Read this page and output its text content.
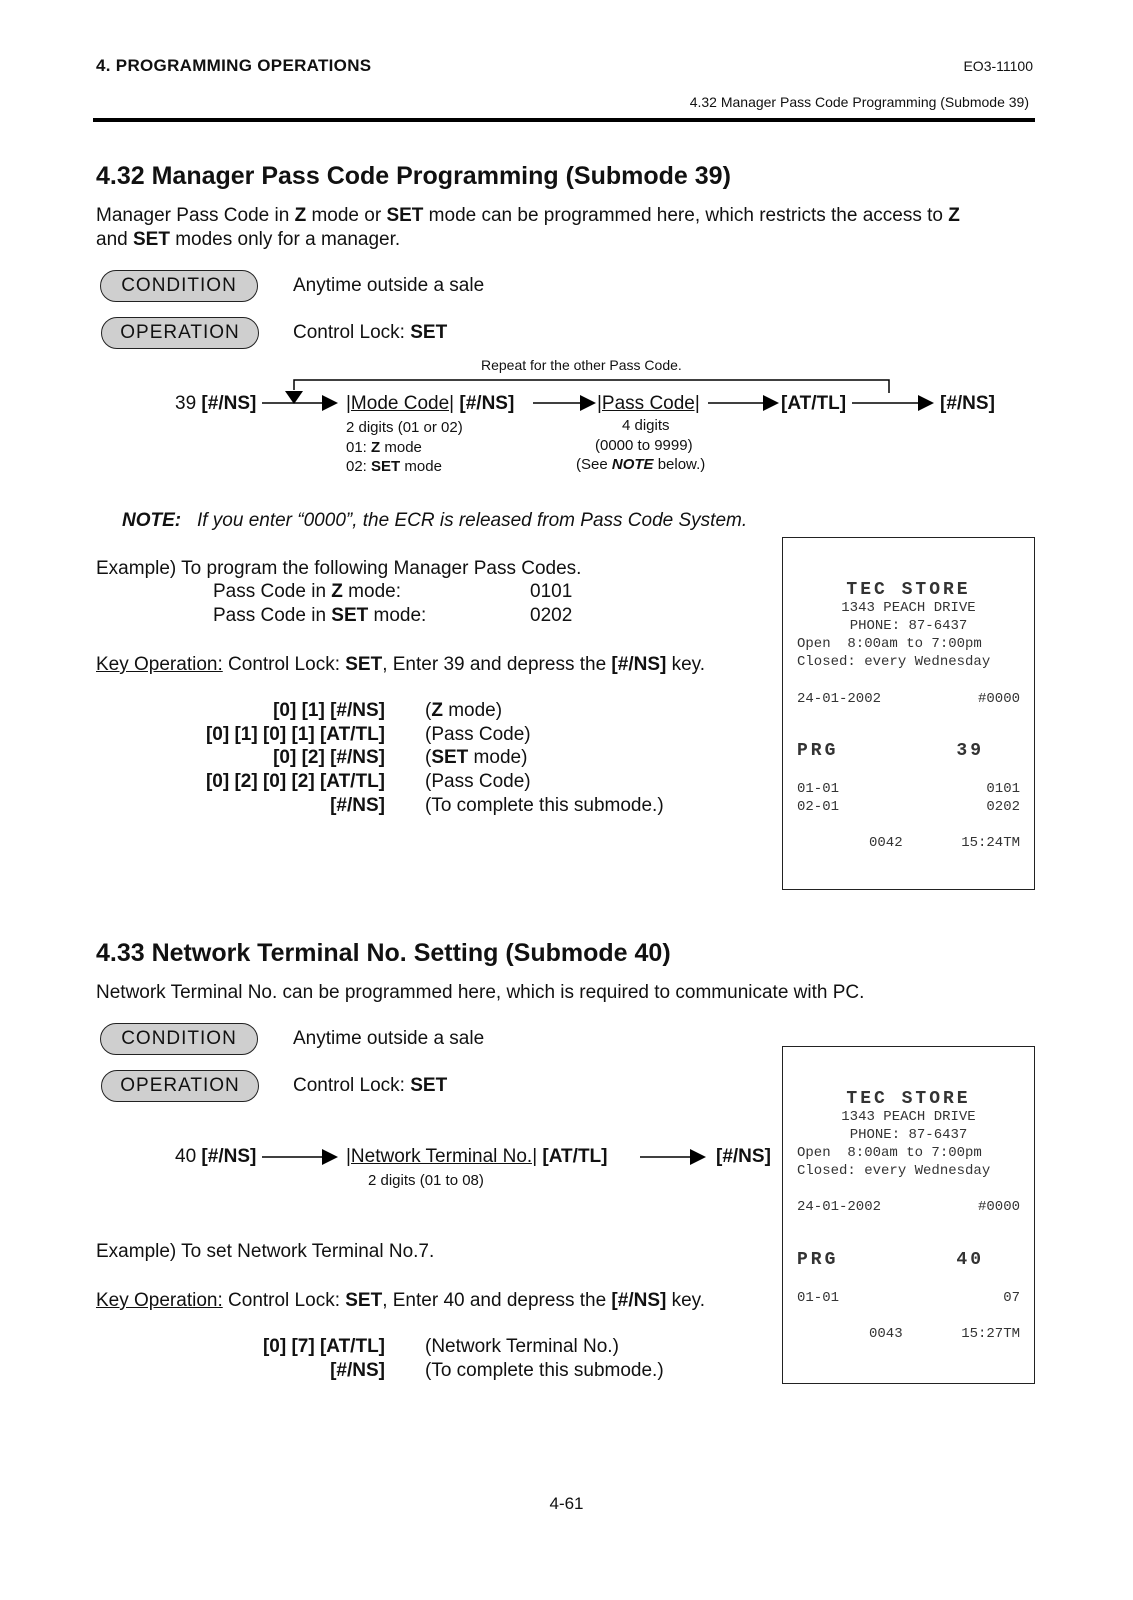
4. PROGRAMMING OPERATIONS	EO3-11100
4.32 Manager Pass Code Programming (Submode 39)
4.32 Manager Pass Code Programming (Submode 39)
Manager Pass Code in Z mode or SET mode can be programmed here, which restricts the access to Z
and SET modes only for a manager.
CONDITION	Anytime outside a sale
OPERATION	Control Lock: SET
Repeat for the other Pass Code.
39 [#/NS]	|Mode Code| [#/NS]	|Pass Code|	[AT/TL]	[#/NS]
2 digits (01 or 02)
01: Z mode
02: SET mode
4 digits
(0000 to 9999)
(See NOTE below.)
NOTE: If you enter “0000”, the ECR is released from Pass Code System.
Example) To program the following Manager Pass Codes.
Pass Code in Z mode:	0101
Pass Code in SET mode:	0202
Key Operation: Control Lock: SET, Enter 39 and depress the [#/NS] key.
[0] [1] [#/NS] (Z mode)
[0] [1] [0] [1] [AT/TL] (Pass Code)
[0] [2] [#/NS] (SET mode)
[0] [2] [0] [2] [AT/TL] (Pass Code)
[#/NS] (To complete this submode.)
TEC STORE
1343 PEACH DRIVE
PHONE: 87-6437
Open  8:00am to 7:00pm
Closed: every Wednesday
24-01-2002	#0000
PRG	39
01-01	0101
02-01	0202
0042	15:24TM
4.33 Network Terminal No. Setting (Submode 40)
Network Terminal No. can be programmed here, which is required to communicate with PC.
CONDITION	Anytime outside a sale
OPERATION	Control Lock: SET
40 [#/NS]	|Network Terminal No.| [AT/TL]	[#/NS]
2 digits (01 to 08)
Example) To set Network Terminal No.7.
Key Operation: Control Lock: SET, Enter 40 and depress the [#/NS] key.
[0] [7] [AT/TL] (Network Terminal No.)
[#/NS] (To complete this submode.)
TEC STORE
1343 PEACH DRIVE
PHONE: 87-6437
Open  8:00am to 7:00pm
Closed: every Wednesday
24-01-2002	#0000
PRG	40
01-01	07
0043	15:27TM
4-61
